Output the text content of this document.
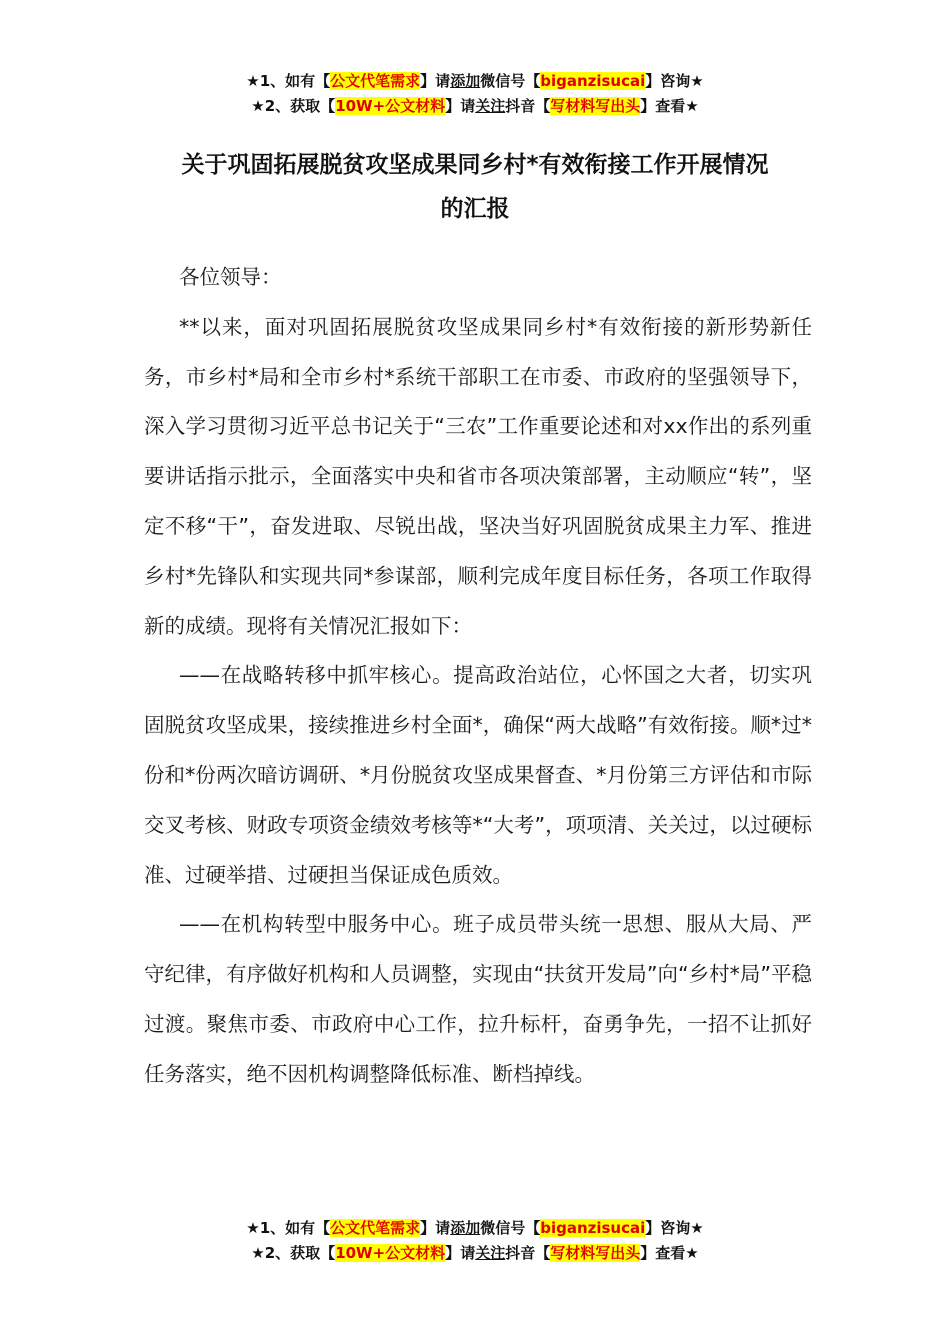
★1、如有【公文代笔需求】请添加微信号【biganzisucai】咨询★
★2、获取【10W+公文材料】请关注抖音【写材料写出头】查看★
关于巩固拓展脱贫攻坚成果同乡村*有效衔接工作开展情况
的汇报

各位领导：

**以来，面对巩固拓展脱贫攻坚成果同乡村*有效衔接的新形势新任务，市乡村*局和全市乡村*系统干部职工在市委、市政府的坚强领导下，深入学习贯彻习近平总书记关于“三农”工作重要论述和对xx作出的系列重要讲话指示批示，全面落实中央和省市各项决策部署，主动顺应“转”，坚定不移“干”，奋发进取、尽锐出战，坚决当好巩固脱贫成果主力军、推进乡村*先锋队和实现共同*参谋部，顺利完成年度目标任务，各项工作取得新的成绩。现将有关情况汇报如下：

——在战略转移中抓牢核心。提高政治站位，心怀国之大者，切实巩固脱贫攻坚成果，接续推进乡村全面*，确保“两大战略”有效衔接。顺*过*份和*份两次暗访调研、*月份脱贫攻坚成果督查、*月份第三方评估和市际交叉考核、财政专项资金绩效考核等*“大考”，项项清、关关过，以过硬标准、过硬举措、过硬担当保证成色质效。

——在机构转型中服务中心。班子成员带头统一思想、服从大局、严守纪律，有序做好机构和人员调整，实现由“扶贫开发局”向“乡村*局”平稳过渡。聚焦市委、市政府中心工作，拉升标杆，奋勇争先，一招不让抓好任务落实，绝不因机构调整降低标准、断档掉线。

★1、如有【公文代笔需求】请添加微信号【biganzisucai】咨询★
★2、获取【10W+公文材料】请关注抖音【写材料写出头】查看★
